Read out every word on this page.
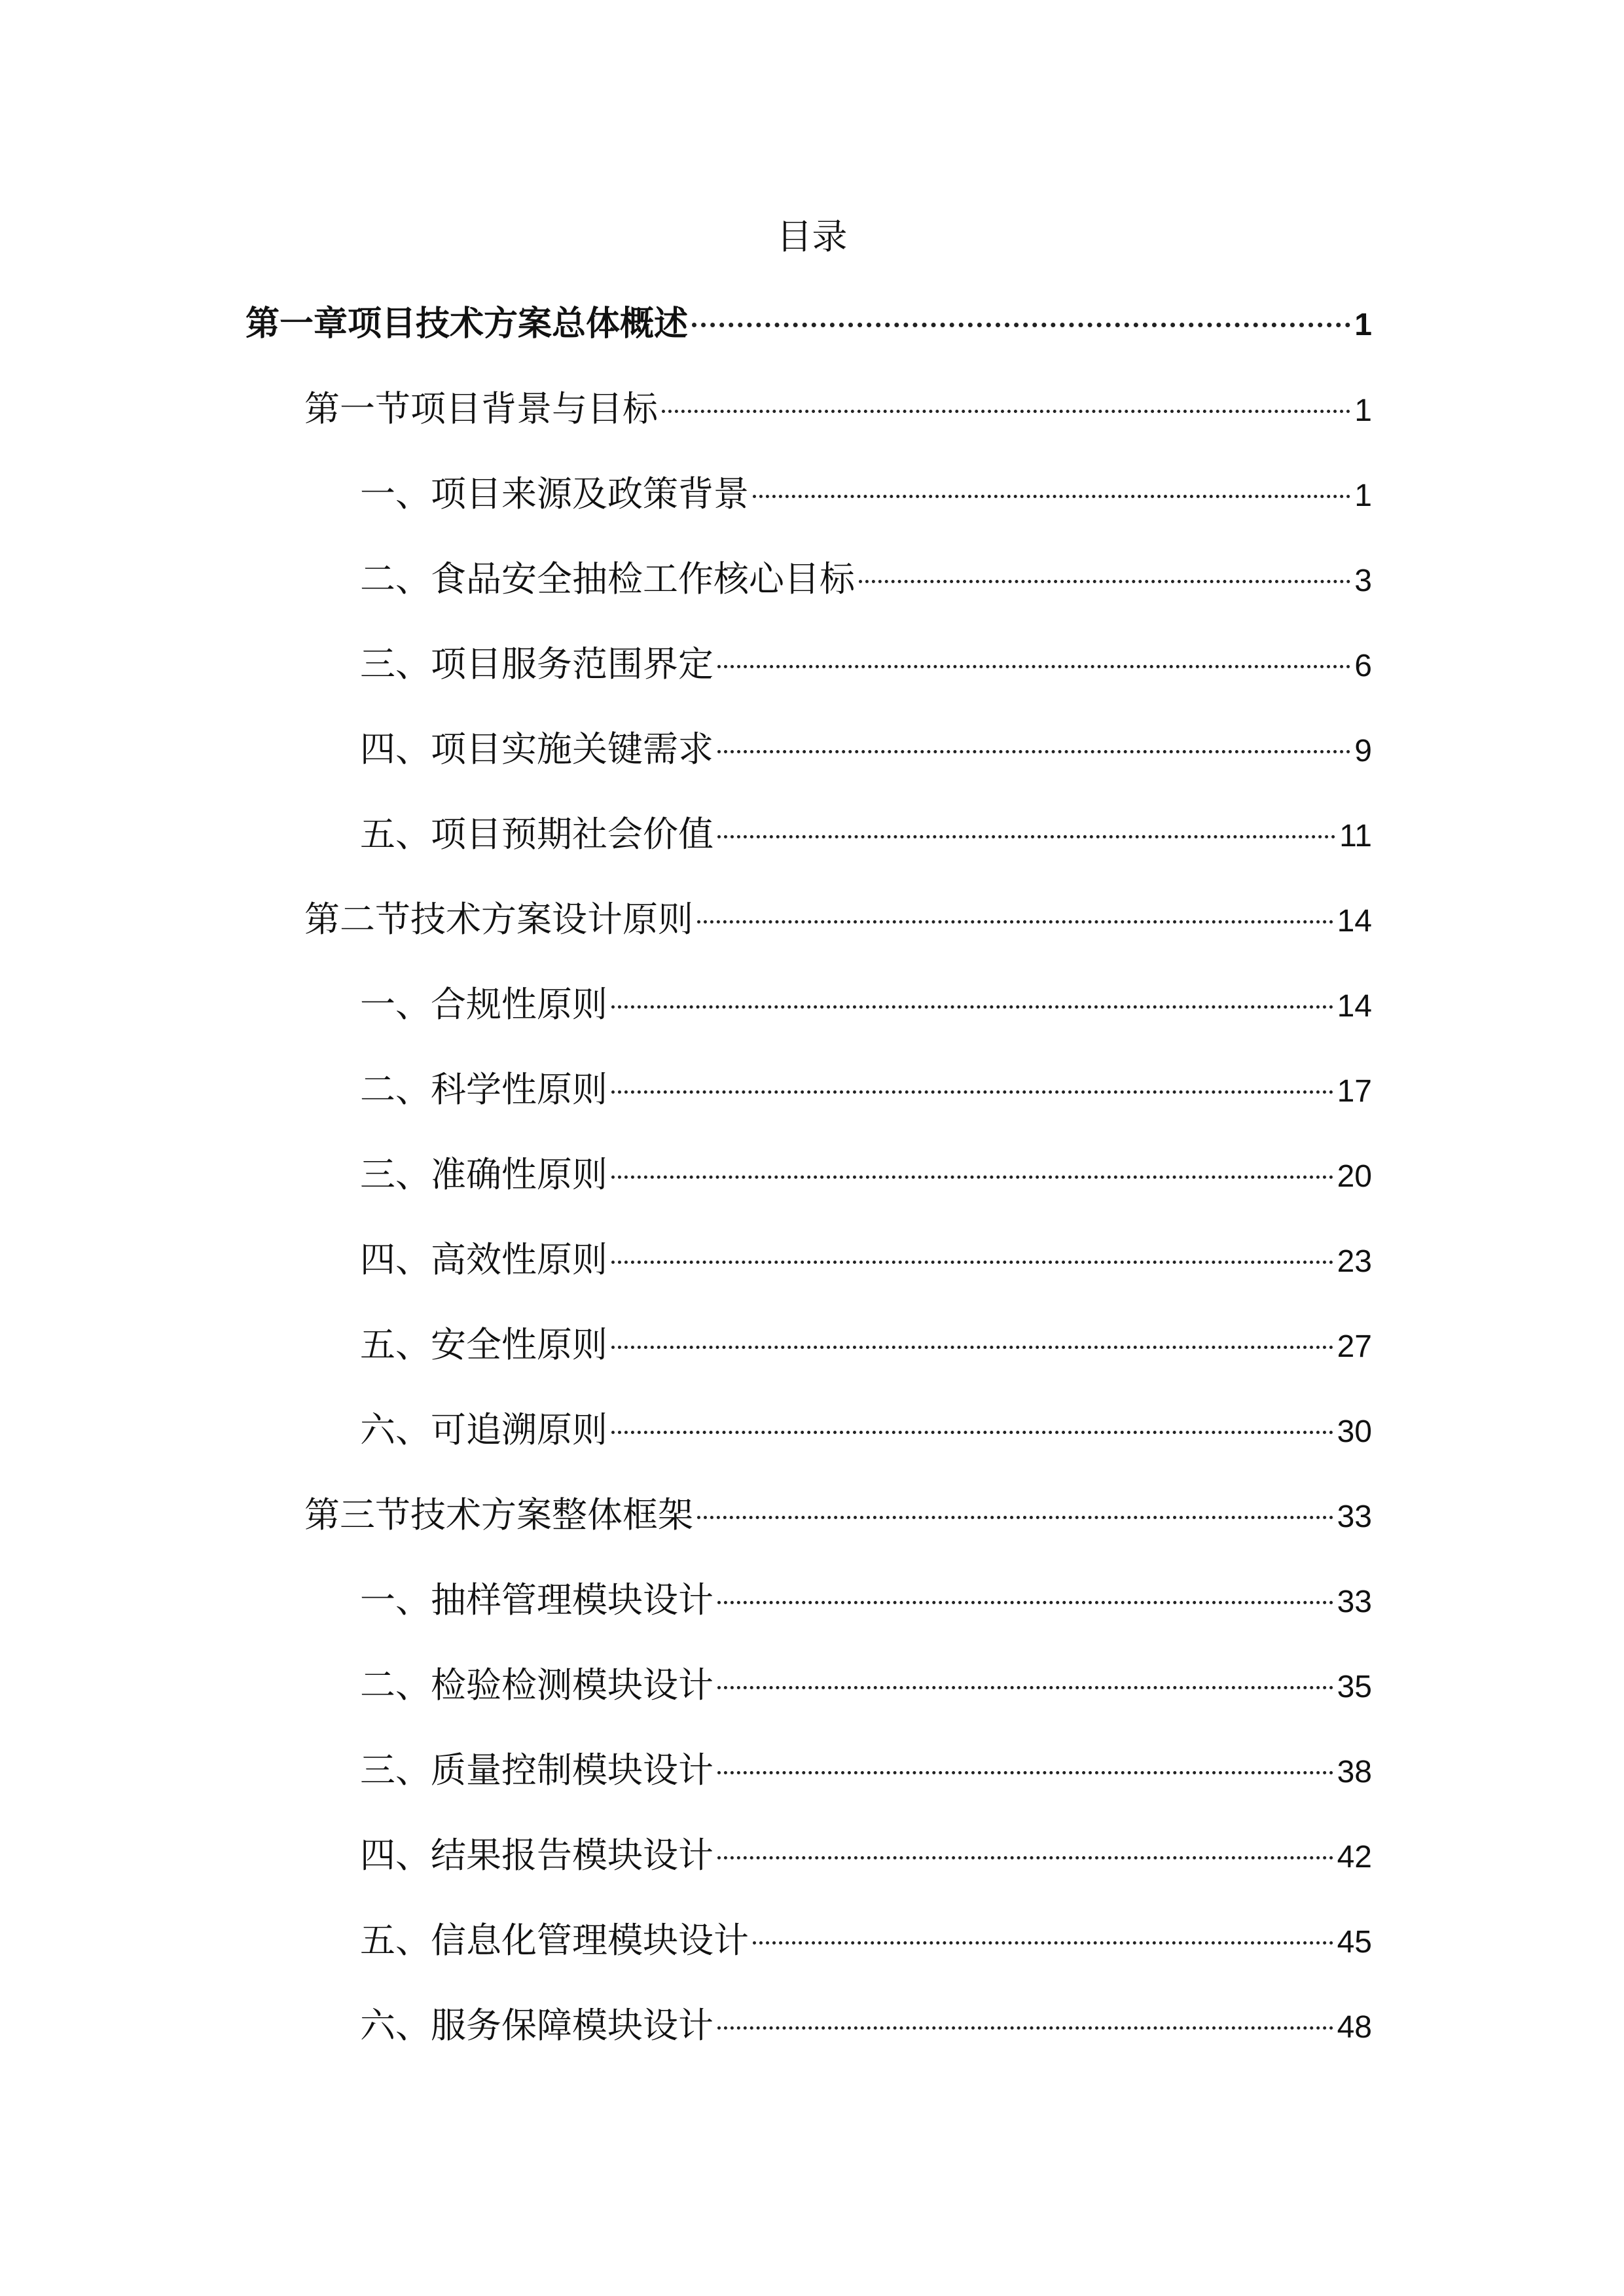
目录
第一章项目技术方案总体概述	1
第一节项目背景与目标	1
一、项目来源及政策背景	1
二、食品安全抽检工作核心目标	3
三、项目服务范围界定	6
四、项目实施关键需求	9
五、项目预期社会价值	11
第二节技术方案设计原则	14
一、合规性原则	14
二、科学性原则	17
三、准确性原则	20
四、高效性原则	23
五、安全性原则	27
六、可追溯原则	30
第三节技术方案整体框架	33
一、抽样管理模块设计	33
二、检验检测模块设计	35
三、质量控制模块设计	38
四、结果报告模块设计	42
五、信息化管理模块设计	45
六、服务保障模块设计	48
